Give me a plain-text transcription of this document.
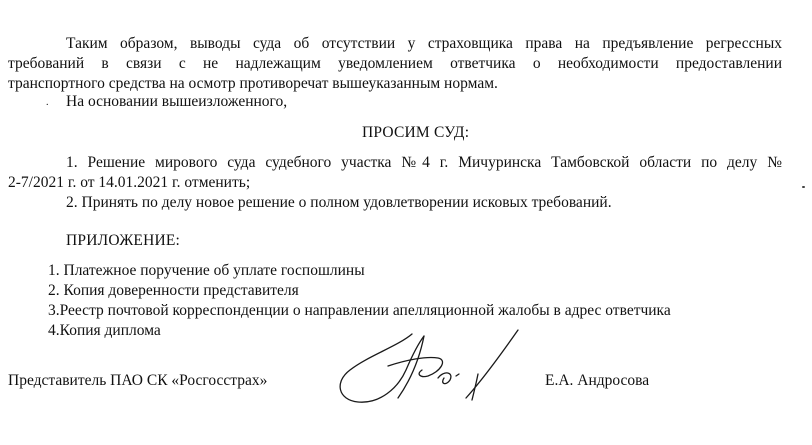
Таким образом, выводы суда об отсутствии у страховщика права на предъявление регрессных
требований в связи с не надлежащим уведомлением ответчика о необходимости предоставлении
транспортного средства на осмотр противоречат вышеуказанным нормам.
. На основании вышеизложенного,
ПРОСИМ СУД:
1. Решение мирового суда судебного участка №4 г. Мичуринска Тамбовской области по делу №
2-7/2021 г. от 14.01.2021 г. отменить;
2. Принять по делу новое решение о полном удовлетворении исковых требований.
ПРИЛОЖЕНИЕ:
1. Платежное поручение об уплате госпошлины
2. Копия доверенности представителя
3.Реестр почтовой корреспонденции о направлении апелляционной жалобы в адрес ответчика
4.Копия диплома
Представитель ПАО СК «Росгосстрах»	Е.А. Андросова
